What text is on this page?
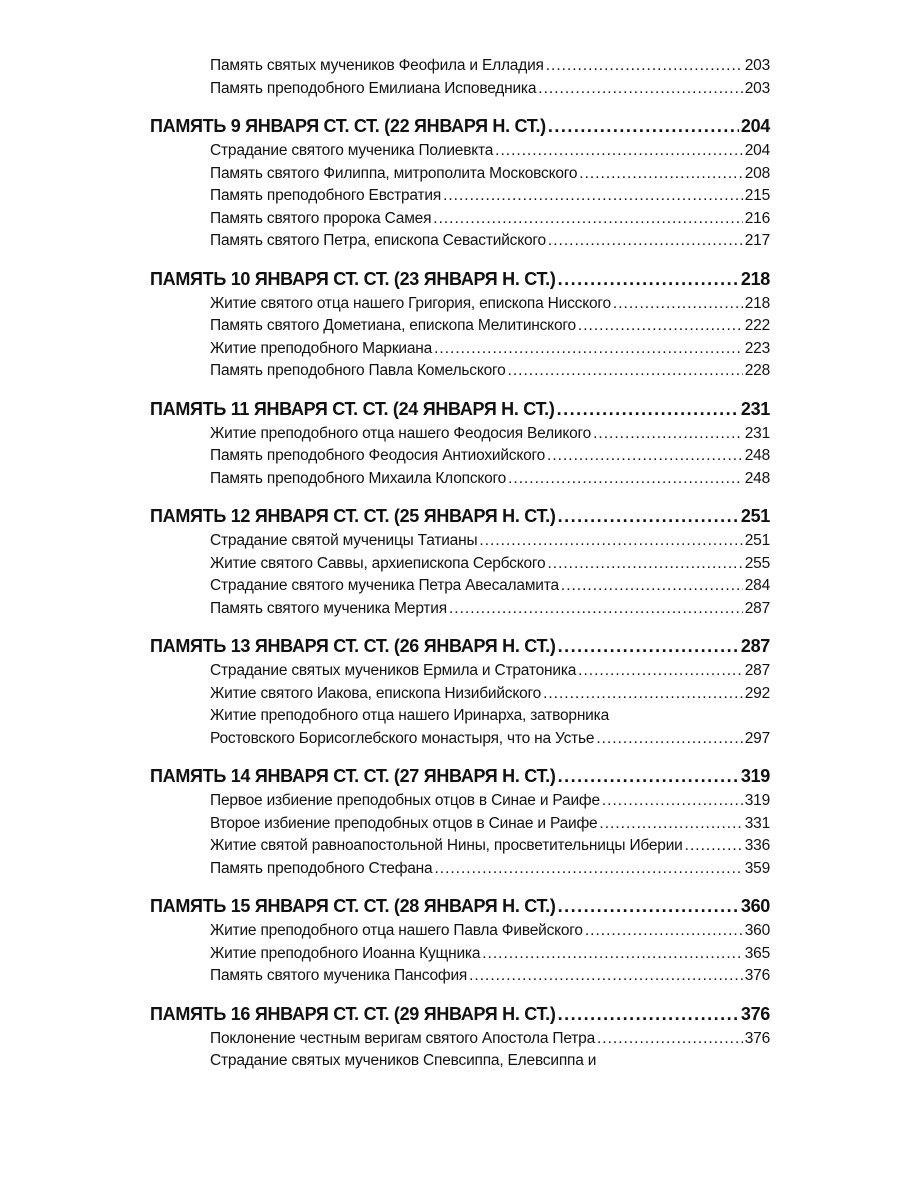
Память святых мучеников Феофила и Елладия .....	203
Память преподобного Емилиана Исповедника .....	203
ПАМЯТЬ 9 ЯНВАРЯ СТ. СТ. (22 ЯНВАРЯ Н. СТ.) .....	204
Страдание святого мученика Полиевкта .....	204
Память святого Филиппа, митрополита Московского .....	208
Память преподобного Евстратия .....	215
Память святого пророка Самея .....	216
Память святого Петра, епископа Севастийского .....	217
ПАМЯТЬ 10 ЯНВАРЯ СТ. СТ. (23 ЯНВАРЯ Н. СТ.) .....	218
Житие святого отца нашего Григория, епископа Нисского .....	218
Память святого Дометиана, епископа Мелитинского .....	222
Житие преподобного Маркиана .....	223
Память преподобного Павла Комельского .....	228
ПАМЯТЬ 11 ЯНВАРЯ СТ. СТ. (24 ЯНВАРЯ Н. СТ.) .....	231
Житие преподобного отца нашего Феодосия Великого .....	231
Память преподобного Феодосия Антиохийского .....	248
Память преподобного Михаила Клопского .....	248
ПАМЯТЬ 12 ЯНВАРЯ СТ. СТ. (25 ЯНВАРЯ Н. СТ.) .....	251
Страдание святой мученицы Татианы .....	251
Житие святого Саввы, архиепископа Сербского .....	255
Страдание святого мученика Петра Авесаламита .....	284
Память святого мученика Мертия .....	287
ПАМЯТЬ 13 ЯНВАРЯ СТ. СТ. (26 ЯНВАРЯ Н. СТ.) .....	287
Страдание святых мучеников Ермила и Стратоника .....	287
Житие святого Иакова, епископа Низибийского .....	292
Житие преподобного отца нашего Иринарха, затворника
Ростовского Борисоглебского монастыря, что на Устье .....	297
ПАМЯТЬ 14 ЯНВАРЯ СТ. СТ. (27 ЯНВАРЯ Н. СТ.) .....	319
Первое избиение преподобных отцов в Синае и Раифе .....	319
Второе избиение преподобных отцов в Синае и Раифе .....	331
Житие святой равноапостольной Нины, просветительницы Иберии .....	336
Память преподобного Стефана .....	359
ПАМЯТЬ 15 ЯНВАРЯ СТ. СТ. (28 ЯНВАРЯ Н. СТ.) .....	360
Житие преподобного отца нашего Павла Фивейского .....	360
Житие преподобного Иоанна Кущника .....	365
Память святого мученика Пансофия .....	376
ПАМЯТЬ 16 ЯНВАРЯ СТ. СТ. (29 ЯНВАРЯ Н. СТ.) .....	376
Поклонение честным веригам святого Апостола Петра .....	376
Страдание святых мучеников Спевсиппа, Елевсиппа и
